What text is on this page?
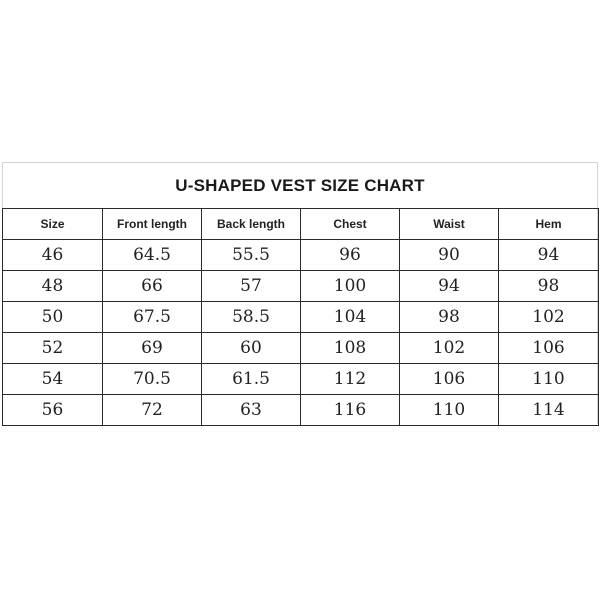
U-SHAPED VEST SIZE CHART
Size	Front length	Back length	Chest	Waist	Hem
46	64.5	55.5	96	90	94
48	66	57	100	94	98
50	67.5	58.5	104	98	102
52	69	60	108	102	106
54	70.5	61.5	112	106	110
56	72	63	116	110	114
